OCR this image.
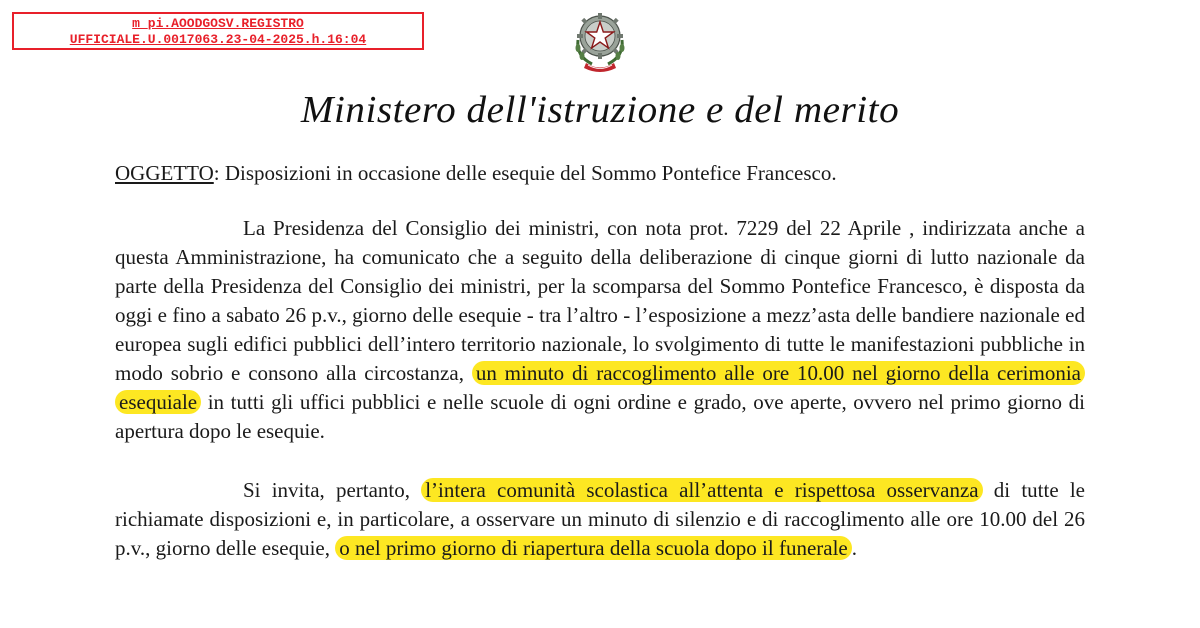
m_pi.AOODGOSV.REGISTRO
UFFICIALE.U.0017063.23-04-2025.h.16:04
Ministero dell'istruzione e del merito
OGGETTO: Disposizioni in occasione delle esequie del Sommo Pontefice Francesco.

La Presidenza del Consiglio dei ministri, con nota prot. 7229 del 22 Aprile , indirizzata anche a questa Amministrazione, ha comunicato che a seguito della deliberazione di cinque giorni di lutto nazionale da parte della Presidenza del Consiglio dei ministri, per la scomparsa del Sommo Pontefice Francesco, è disposta da oggi e fino a sabato 26 p.v., giorno delle esequie - tra l’altro - l’esposizione a mezz’asta delle bandiere nazionale ed europea sugli edifici pubblici dell’intero territorio nazionale, lo svolgimento di tutte le manifestazioni pubbliche in modo sobrio e consono alla circostanza, un minuto di raccoglimento alle ore 10.00 nel giorno della cerimonia esequiale in tutti gli uffici pubblici e nelle scuole di ogni ordine e grado, ove aperte, ovvero nel primo giorno di apertura dopo le esequie.

Si invita, pertanto, l’intera comunità scolastica all’attenta e rispettosa osservanza di tutte le richiamate disposizioni e, in particolare, a osservare un minuto di silenzio e di raccoglimento alle ore 10.00 del 26 p.v., giorno delle esequie, o nel primo giorno di riapertura della scuola dopo il funerale .
